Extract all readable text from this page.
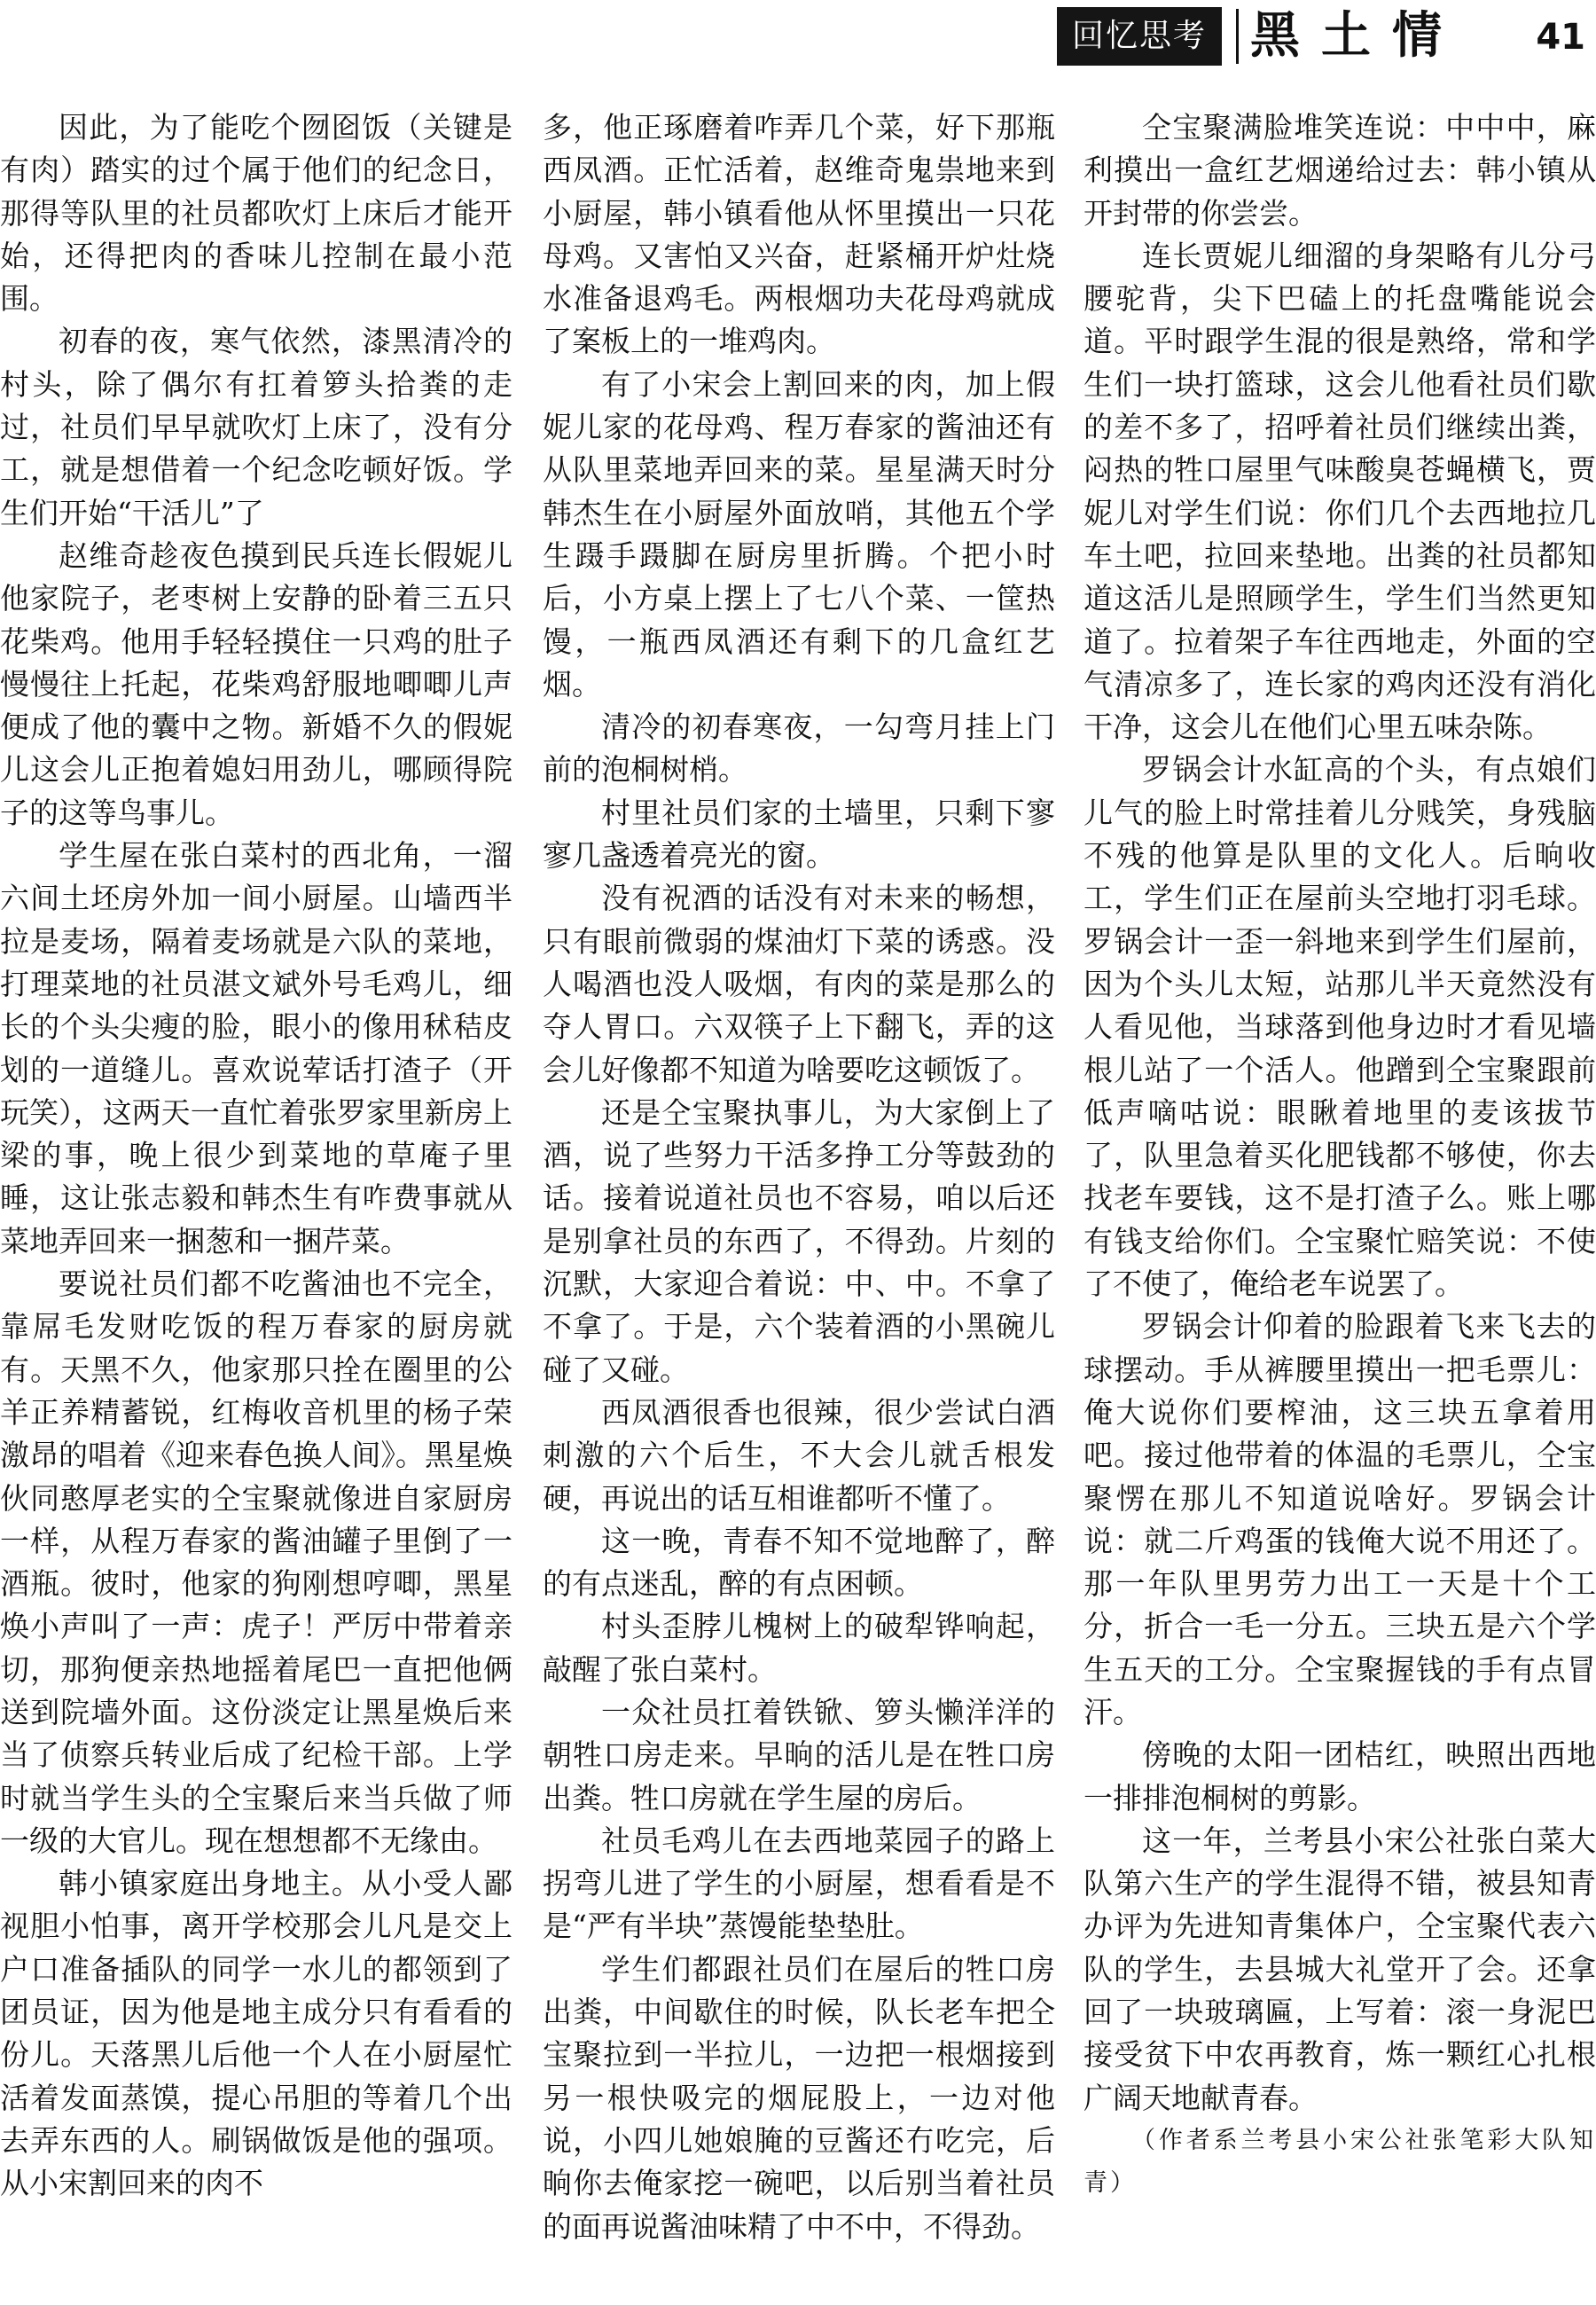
回忆思考 黑土情 41

因此，为了能吃个囫囵饭（关键是有肉）踏实的过个属于他们的纪念日，那得等队里的社员都吹灯上床后才能开始，还得把肉的香味儿控制在最小范围。

初春的夜，寒气依然，漆黑清冷的村头，除了偶尔有扛着箩头拾粪的走过，社员们早早就吹灯上床了，没有分工，就是想借着一个纪念吃顿好饭。学生们开始“干活儿”了

赵维奇趁夜色摸到民兵连长假妮儿他家院子，老枣树上安静的卧着三五只花柴鸡。他用手轻轻摸住一只鸡的肚子慢慢往上托起，花柴鸡舒服地唧唧儿声便成了他的囊中之物。新婚不久的假妮儿这会儿正抱着媳妇用劲儿，哪顾得院子的这等鸟事儿。

学生屋在张白菜村的西北角，一溜六间土坯房外加一间小厨屋。山墙西半拉是麦场，隔着麦场就是六队的菜地，打理菜地的社员湛文斌外号毛鸡儿，细长的个头尖瘦的脸，眼小的像用秫秸皮划的一道缝儿。喜欢说荤话打渣子（开玩笑），这两天一直忙着张罗家里新房上梁的事，晚上很少到菜地的草庵子里睡，这让张志毅和韩杰生有咋费事就从菜地弄回来一捆葱和一捆芹菜。

要说社员们都不吃酱油也不完全，靠屌毛发财吃饭的程万春家的厨房就有。天黑不久，他家那只拴在圈里的公羊正养精蓄锐，红梅收音机里的杨子荣激昂的唱着《迎来春色换人间》。黑星焕伙同憨厚老实的仝宝聚就像进自家厨房一样，从程万春家的酱油罐子里倒了一酒瓶。彼时，他家的狗刚想哼唧，黑星焕小声叫了一声：虎子！严厉中带着亲切，那狗便亲热地摇着尾巴一直把他俩送到院墙外面。这份淡定让黑星焕后来当了侦察兵转业后成了纪检干部。上学时就当学生头的仝宝聚后来当兵做了师一级的大官儿。现在想想都不无缘由。

韩小镇家庭出身地主。从小受人鄙视胆小怕事，离开学校那会儿凡是交上户口准备插队的同学一水儿的都领到了团员证，因为他是地主成分只有看看的份儿。天落黑儿后他一个人在小厨屋忙活着发面蒸馍，提心吊胆的等着几个出去弄东西的人。刷锅做饭是他的强项。从小宋割回来的肉不

多，他正琢磨着咋弄几个菜，好下那瓶西凤酒。正忙活着，赵维奇鬼祟地来到小厨屋，韩小镇看他从怀里摸出一只花母鸡。又害怕又兴奋，赶紧桶开炉灶烧水准备退鸡毛。两根烟功夫花母鸡就成了案板上的一堆鸡肉。

有了小宋会上割回来的肉，加上假妮儿家的花母鸡、程万春家的酱油还有从队里菜地弄回来的菜。星星满天时分韩杰生在小厨屋外面放哨，其他五个学生蹑手蹑脚在厨房里折腾。个把小时后，小方桌上摆上了七八个菜、一筐热馒，一瓶西凤酒还有剩下的几盒红艺烟。

清冷的初春寒夜，一勾弯月挂上门前的泡桐树梢。

村里社员们家的土墙里，只剩下寥寥几盏透着亮光的窗。

没有祝酒的话没有对未来的畅想，只有眼前微弱的煤油灯下菜的诱惑。没人喝酒也没人吸烟，有肉的菜是那么的夺人胃口。六双筷子上下翻飞，弄的这会儿好像都不知道为啥要吃这顿饭了。

还是仝宝聚执事儿，为大家倒上了酒，说了些努力干活多挣工分等鼓劲的话。接着说道社员也不容易，咱以后还是别拿社员的东西了，不得劲。片刻的沉默，大家迎合着说：中、中。不拿了不拿了。于是，六个装着酒的小黑碗儿碰了又碰。

西凤酒很香也很辣，很少尝试白酒刺激的六个后生，不大会儿就舌根发硬，再说出的话互相谁都听不懂了。

这一晚，青春不知不觉地醉了，醉的有点迷乱，醉的有点困顿。

村头歪脖儿槐树上的破犁铧响起，敲醒了张白菜村。

一众社员扛着铁锨、箩头懒洋洋的朝牲口房走来。早晌的活儿是在牲口房出粪。牲口房就在学生屋的房后。

社员毛鸡儿在去西地菜园子的路上拐弯儿进了学生的小厨屋，想看看是不是“严有半块”蒸馒能垫垫肚。

学生们都跟社员们在屋后的牲口房出粪，中间歇住的时候，队长老车把仝宝聚拉到一半拉儿，一边把一根烟接到另一根快吸完的烟屁股上，一边对他说，小四儿她娘腌的豆酱还冇吃完，后晌你去俺家挖一碗吧，以后别当着社员的面再说酱油味精了中不中，不得劲。

仝宝聚满脸堆笑连说：中中中，麻利摸出一盒红艺烟递给过去：韩小镇从开封带的你尝尝。

连长贾妮儿细溜的身架略有儿分弓腰驼背，尖下巴磕上的托盘嘴能说会道。平时跟学生混的很是熟络，常和学生们一块打篮球，这会儿他看社员们歇的差不多了，招呼着社员们继续出粪，闷热的牲口屋里气味酸臭苍蝇横飞，贾妮儿对学生们说：你们几个去西地拉几车土吧，拉回来垫地。出粪的社员都知道这活儿是照顾学生，学生们当然更知道了。拉着架子车往西地走，外面的空气清凉多了，连长家的鸡肉还没有消化干净，这会儿在他们心里五味杂陈。

罗锅会计水缸高的个头，有点娘们儿气的脸上时常挂着儿分贱笑，身残脑不残的他算是队里的文化人。后晌收工，学生们正在屋前头空地打羽毛球。罗锅会计一歪一斜地来到学生们屋前，因为个头儿太短，站那儿半天竟然没有人看见他，当球落到他身边时才看见墙根儿站了一个活人。他蹭到仝宝聚跟前低声嘀咕说：眼瞅着地里的麦该拔节了，队里急着买化肥钱都不够使，你去找老车要钱，这不是打渣子么。账上哪有钱支给你们。仝宝聚忙赔笑说：不使了不使了，俺给老车说罢了。

罗锅会计仰着的脸跟着飞来飞去的球摆动。手从裤腰里摸出一把毛票儿：俺大说你们要榨油，这三块五拿着用吧。接过他带着的体温的毛票儿，仝宝聚愣在那儿不知道说啥好。罗锅会计说：就二斤鸡蛋的钱俺大说不用还了。那一年队里男劳力出工一天是十个工分，折合一毛一分五。三块五是六个学生五天的工分。仝宝聚握钱的手有点冒汗。

傍晚的太阳一团桔红，映照出西地一排排泡桐树的剪影。

这一年，兰考县小宋公社张白菜大队第六生产的学生混得不错，被县知青办评为先进知青集体户，仝宝聚代表六队的学生，去县城大礼堂开了会。还拿回了一块玻璃匾，上写着：滚一身泥巴接受贫下中农再教育，炼一颗红心扎根广阔天地献青春。

（作者系兰考县小宋公社张笔彩大队知青）
